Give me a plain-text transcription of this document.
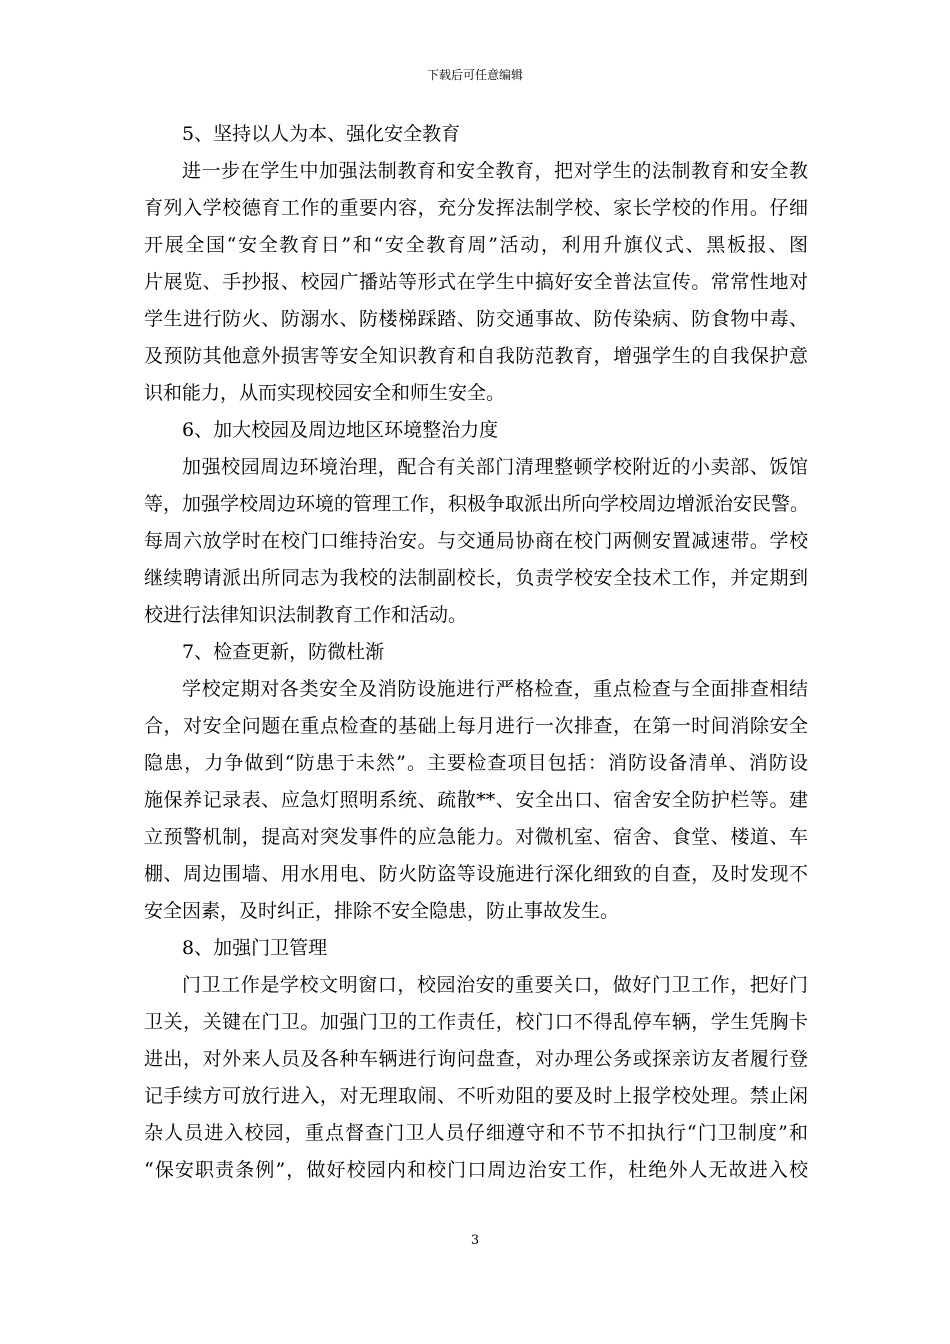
下载后可任意编辑
5、坚持以人为本、强化安全教育
进一步在学生中加强法制教育和安全教育，把对学生的法制教育和安全教
育列入学校德育工作的重要内容，充分发挥法制学校、家长学校的作用。仔细
开展全国“安全教育日”和“安全教育周”活动，利用升旗仪式、黑板报、图
片展览、手抄报、校园广播站等形式在学生中搞好安全普法宣传。常常性地对
学生进行防火、防溺水、防楼梯踩踏、防交通事故、防传染病、防食物中毒、
及预防其他意外损害等安全知识教育和自我防范教育，增强学生的自我保护意
识和能力，从而实现校园安全和师生安全。
6、加大校园及周边地区环境整治力度
加强校园周边环境治理，配合有关部门清理整顿学校附近的小卖部、饭馆
等，加强学校周边环境的管理工作，积极争取派出所向学校周边增派治安民警。
每周六放学时在校门口维持治安。与交通局协商在校门两侧安置减速带。学校
继续聘请派出所同志为我校的法制副校长，负责学校安全技术工作，并定期到
校进行法律知识法制教育工作和活动。
7、检查更新，防微杜渐
学校定期对各类安全及消防设施进行严格检查，重点检查与全面排查相结
合，对安全问题在重点检查的基础上每月进行一次排查，在第一时间消除安全
隐患，力争做到“防患于未然”。主要检查项目包括：消防设备清单、消防设
施保养记录表、应急灯照明系统、疏散**、安全出口、宿舍安全防护栏等。建
立预警机制，提高对突发事件的应急能力。对微机室、宿舍、食堂、楼道、车
棚、周边围墙、用水用电、防火防盗等设施进行深化细致的自查，及时发现不
安全因素，及时纠正，排除不安全隐患，防止事故发生。
8、加强门卫管理
门卫工作是学校文明窗口，校园治安的重要关口，做好门卫工作，把好门
卫关，关键在门卫。加强门卫的工作责任，校门口不得乱停车辆，学生凭胸卡
进出，对外来人员及各种车辆进行询问盘查，对办理公务或探亲访友者履行登
记手续方可放行进入，对无理取闹、不听劝阻的要及时上报学校处理。禁止闲
杂人员进入校园，重点督查门卫人员仔细遵守和不节不扣执行“门卫制度”和
“保安职责条例”，做好校园内和校门口周边治安工作，杜绝外人无故进入校
3
